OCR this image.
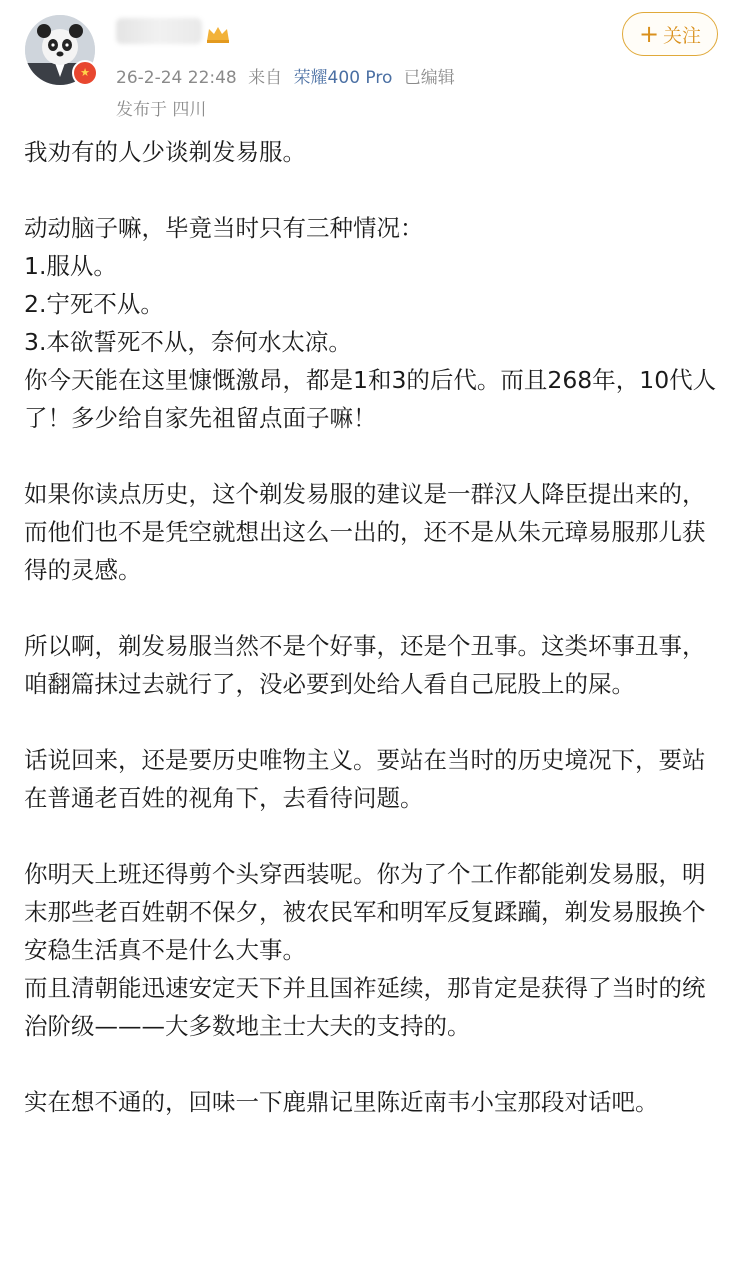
★	26-2-24 22:48 来自 荣耀400 Pro 已编辑
发布于 四川
+ 关注
我劝有的人少谈剃发易服。
动动脑子嘛，毕竟当时只有三种情况：
1.服从。
2.宁死不从。
3.本欲誓死不从，奈何水太凉。
你今天能在这里慷慨激昂，都是1和3的后代。而且268年，10代人了！多少给自家先祖留点面子嘛！
如果你读点历史，这个剃发易服的建议是一群汉人降臣提出来的，而他们也不是凭空就想出这么一出的，还不是从朱元璋易服那儿获得的灵感。
所以啊，剃发易服当然不是个好事，还是个丑事。这类坏事丑事，咱翻篇抹过去就行了，没必要到处给人看自己屁股上的屎。
话说回来，还是要历史唯物主义。要站在当时的历史境况下，要站在普通老百姓的视角下，去看待问题。
你明天上班还得剪个头穿西装呢。你为了个工作都能剃发易服，明末那些老百姓朝不保夕，被农民军和明军反复蹂躏，剃发易服换个安稳生活真不是什么大事。
而且清朝能迅速安定天下并且国祚延续，那肯定是获得了当时的统治阶级———大多数地主士大夫的支持的。
实在想不通的，回味一下鹿鼎记里陈近南韦小宝那段对话吧。
